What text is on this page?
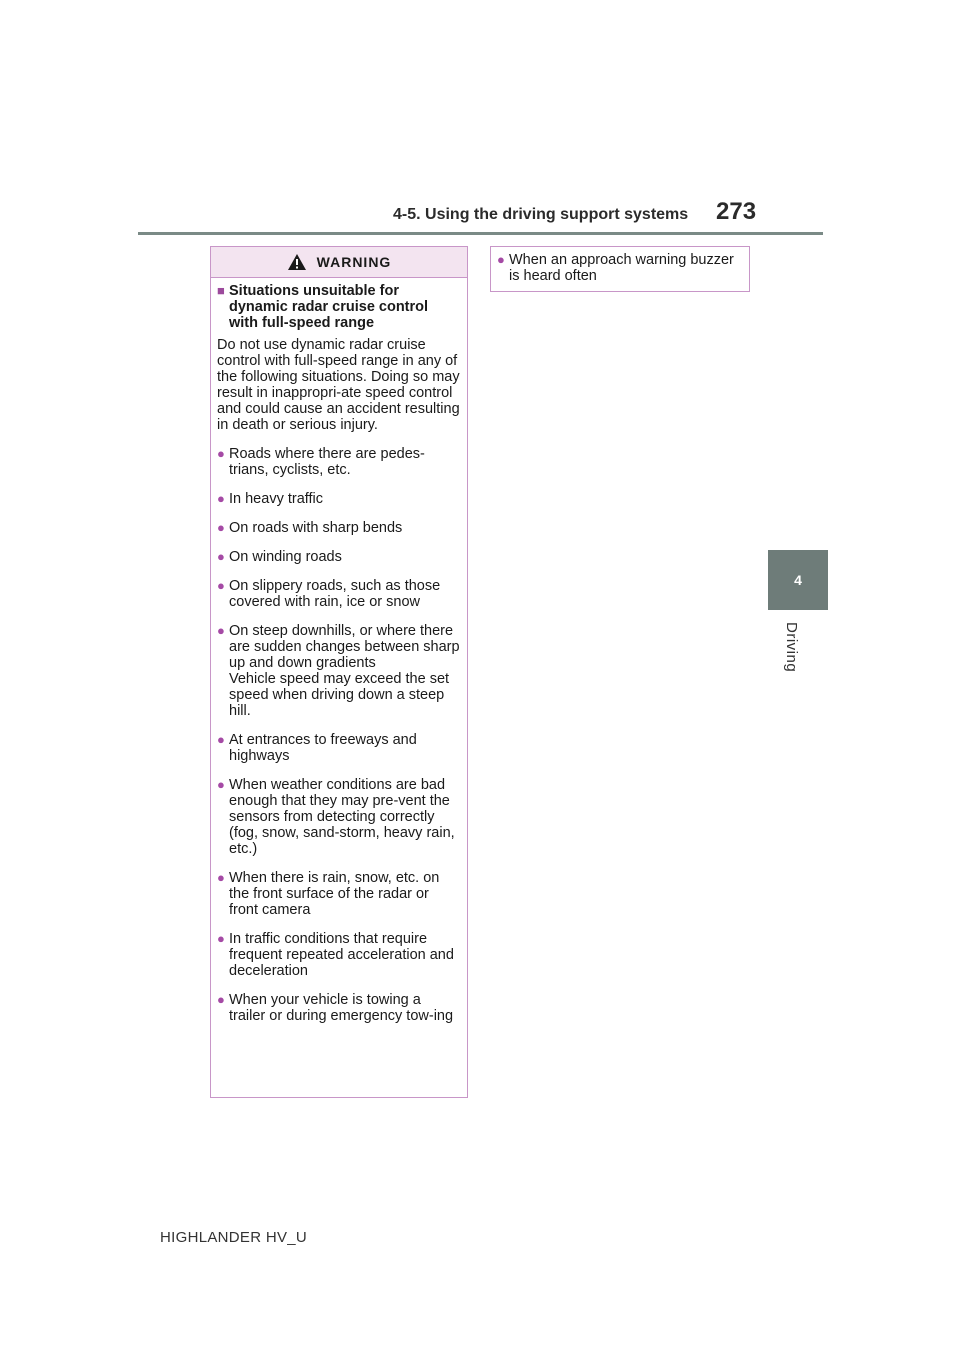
4-5. Using the driving support systems 273
4
Driving
WARNING
■ Situations unsuitable for dynamic radar cruise control with full-speed range
Do not use dynamic radar cruise control with full-speed range in any of the following situations. Doing so may result in inappropri-ate speed control and could cause an accident resulting in death or serious injury.
● Roads where there are pedes-trians, cyclists, etc.
● In heavy traffic
● On roads with sharp bends
● On winding roads
● On slippery roads, such as those covered with rain, ice or snow
● On steep downhills, or where there are sudden changes between sharp up and down gradients
Vehicle speed may exceed the set speed when driving down a steep hill.
● At entrances to freeways and highways
● When weather conditions are bad enough that they may pre-vent the sensors from detecting correctly (fog, snow, sand-storm, heavy rain, etc.)
● When there is rain, snow, etc. on the front surface of the radar or front camera
● In traffic conditions that require frequent repeated acceleration and deceleration
● When your vehicle is towing a trailer or during emergency tow-ing
● When an approach warning buzzer is heard often
HIGHLANDER HV_U
